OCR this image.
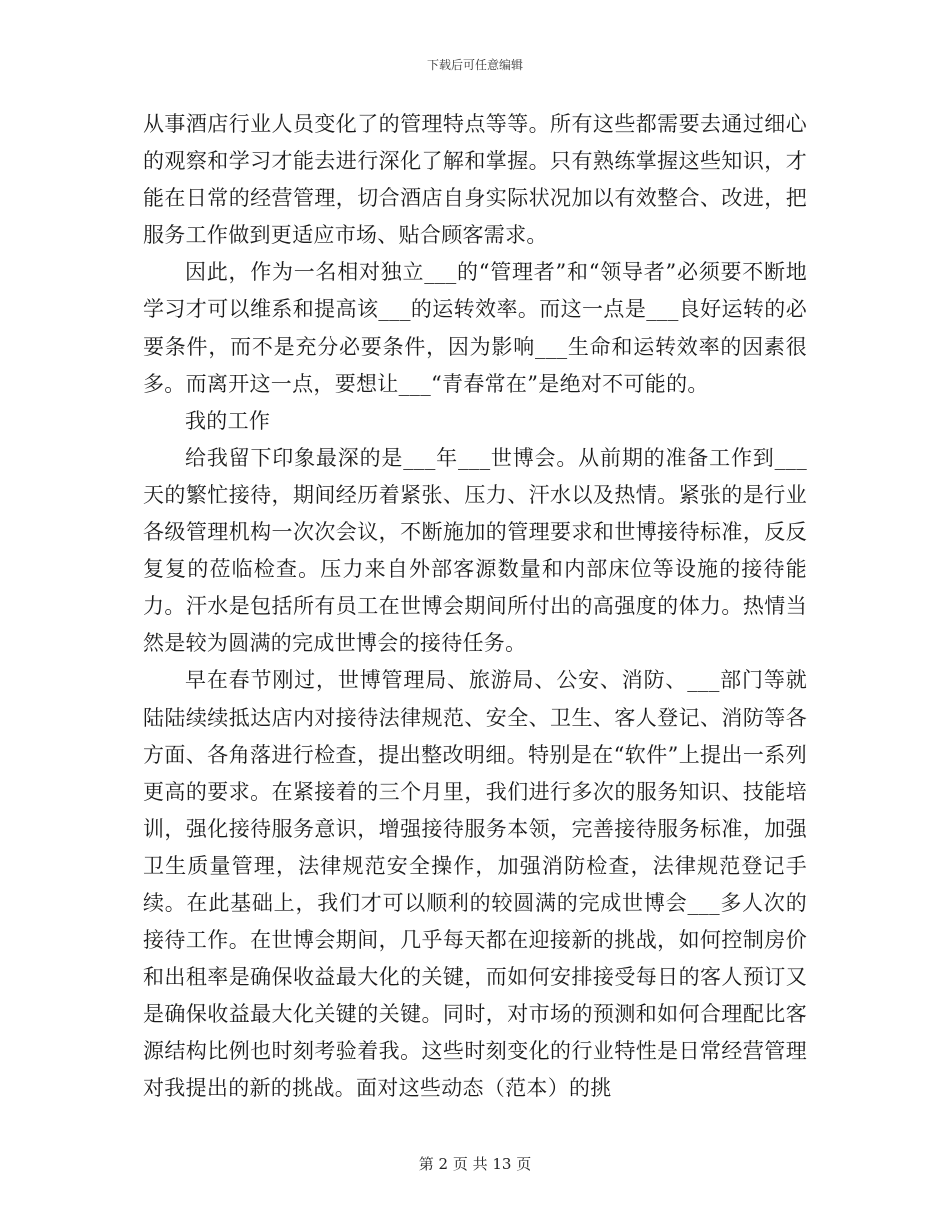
下载后可任意编辑

从事酒店行业人员变化了的管理特点等等。所有这些都需要去通过细心的观察和学习才能去进行深化了解和掌握。只有熟练掌握这些知识，才能在日常的经营管理，切合酒店自身实际状况加以有效整合、改进，把服务工作做到更适应市场、贴合顾客需求。

因此，作为一名相对独立___的“管理者”和“领导者”必须要不断地学习才可以维系和提高该___的运转效率。而这一点是___良好运转的必要条件，而不是充分必要条件，因为影响___生命和运转效率的因素很多。而离开这一点，要想让___“青春常在”是绝对不可能的。

我的工作

给我留下印象最深的是___年___世博会。从前期的准备工作到___天的繁忙接待，期间经历着紧张、压力、汗水以及热情。紧张的是行业各级管理机构一次次会议，不断施加的管理要求和世博接待标准，反反复复的莅临检查。压力来自外部客源数量和内部床位等设施的接待能力。汗水是包括所有员工在世博会期间所付出的高强度的体力。热情当然是较为圆满的完成世博会的接待任务。

早在春节刚过，世博管理局、旅游局、公安、消防、___部门等就陆陆续续抵达店内对接待法律规范、安全、卫生、客人登记、消防等各方面、各角落进行检查，提出整改明细。特别是在“软件”上提出一系列更高的要求。在紧接着的三个月里，我们进行多次的服务知识、技能培训，强化接待服务意识，增强接待服务本领，完善接待服务标准，加强卫生质量管理，法律规范安全操作，加强消防检查，法律规范登记手续。在此基础上，我们才可以顺利的较圆满的完成世博会___多人次的接待工作。在世博会期间，几乎每天都在迎接新的挑战，如何控制房价和出租率是确保收益最大化的关键，而如何安排接受每日的客人预订又是确保收益最大化关键的关键。同时，对市场的预测和如何合理配比客源结构比例也时刻考验着我。这些时刻变化的行业特性是日常经营管理对我提出的新的挑战。面对这些动态（范本）的挑

第 2 页 共 13 页
